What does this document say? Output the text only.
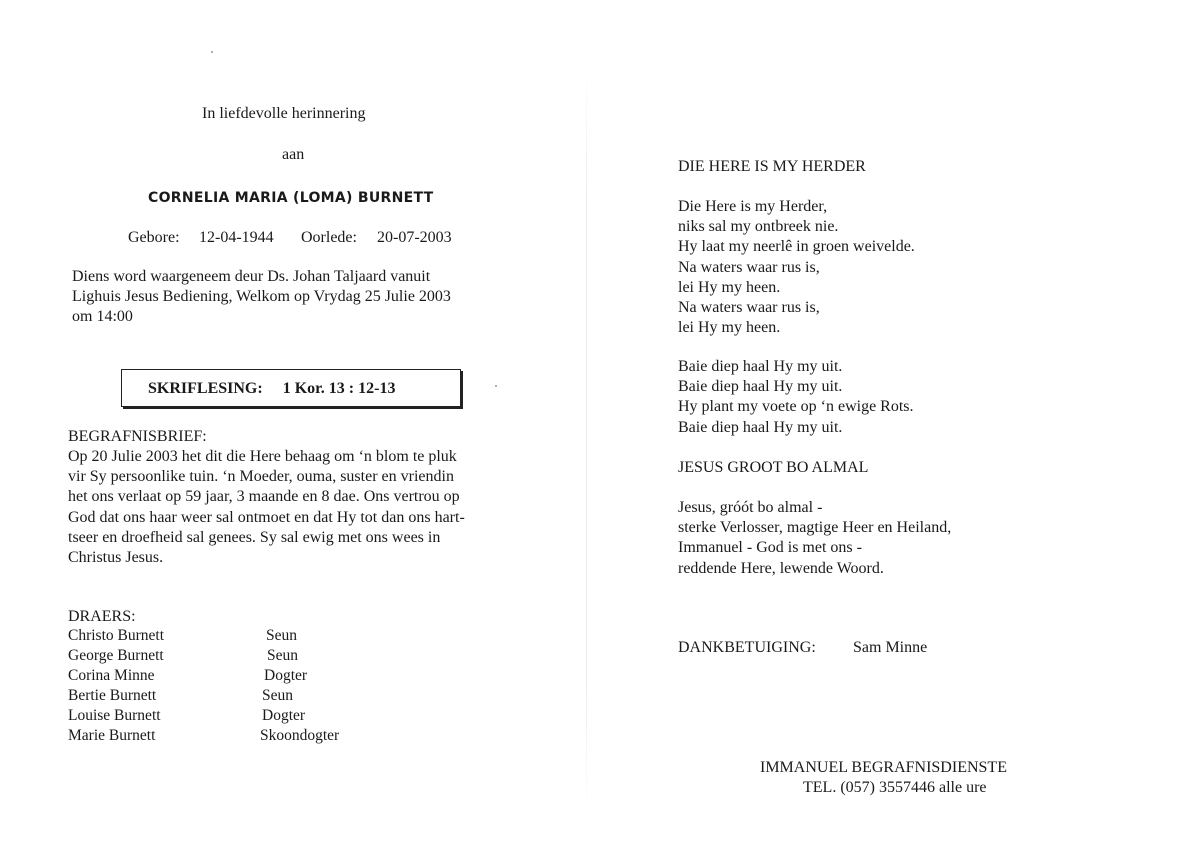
In liefdevolle herinnering
aan
CORNELIA MARIA (LOMA) BURNETT
Gebore: 12-04-1944 Oorlede: 20-07-2003
Diens word waargeneem deur Ds. Johan Taljaard vanuit
Lighuis Jesus Bediening, Welkom op Vrydag 25 Julie 2003
om 14:00
SKRIFLESING: 1 Kor. 13 : 12-13
BEGRAFNISBRIEF:
Op 20 Julie 2003 het dit die Here behaag om ‘n blom te pluk
vir Sy persoonlike tuin. ‘n Moeder, ouma, suster en vriendin
het ons verlaat op 59 jaar, 3 maande en 8 dae. Ons vertrou op
God dat ons haar weer sal ontmoet en dat Hy tot dan ons hart-
tseer en droefheid sal genees. Sy sal ewig met ons wees in
Christus Jesus.
DRAERS:
Christo Burnett	Seun
George Burnett	Seun
Corina Minne	Dogter
Bertie Burnett	Seun
Louise Burnett	Dogter
Marie Burnett	Skoondogter
DIE HERE IS MY HERDER
Die Here is my Herder,
niks sal my ontbreek nie.
Hy laat my neerlê in groen weivelde.
Na waters waar rus is,
lei Hy my heen.
Na waters waar rus is,
lei Hy my heen.
Baie diep haal Hy my uit.
Baie diep haal Hy my uit.
Hy plant my voete op ‘n ewige Rots.
Baie diep haal Hy my uit.
JESUS GROOT BO ALMAL
Jesus, gróót bo almal -
sterke Verlosser, magtige Heer en Heiland,
Immanuel - God is met ons -
reddende Here, lewende Woord.
DANKBETUIGING: Sam Minne
IMMANUEL BEGRAFNISDIENSTE
TEL. (057) 3557446 alle ure
